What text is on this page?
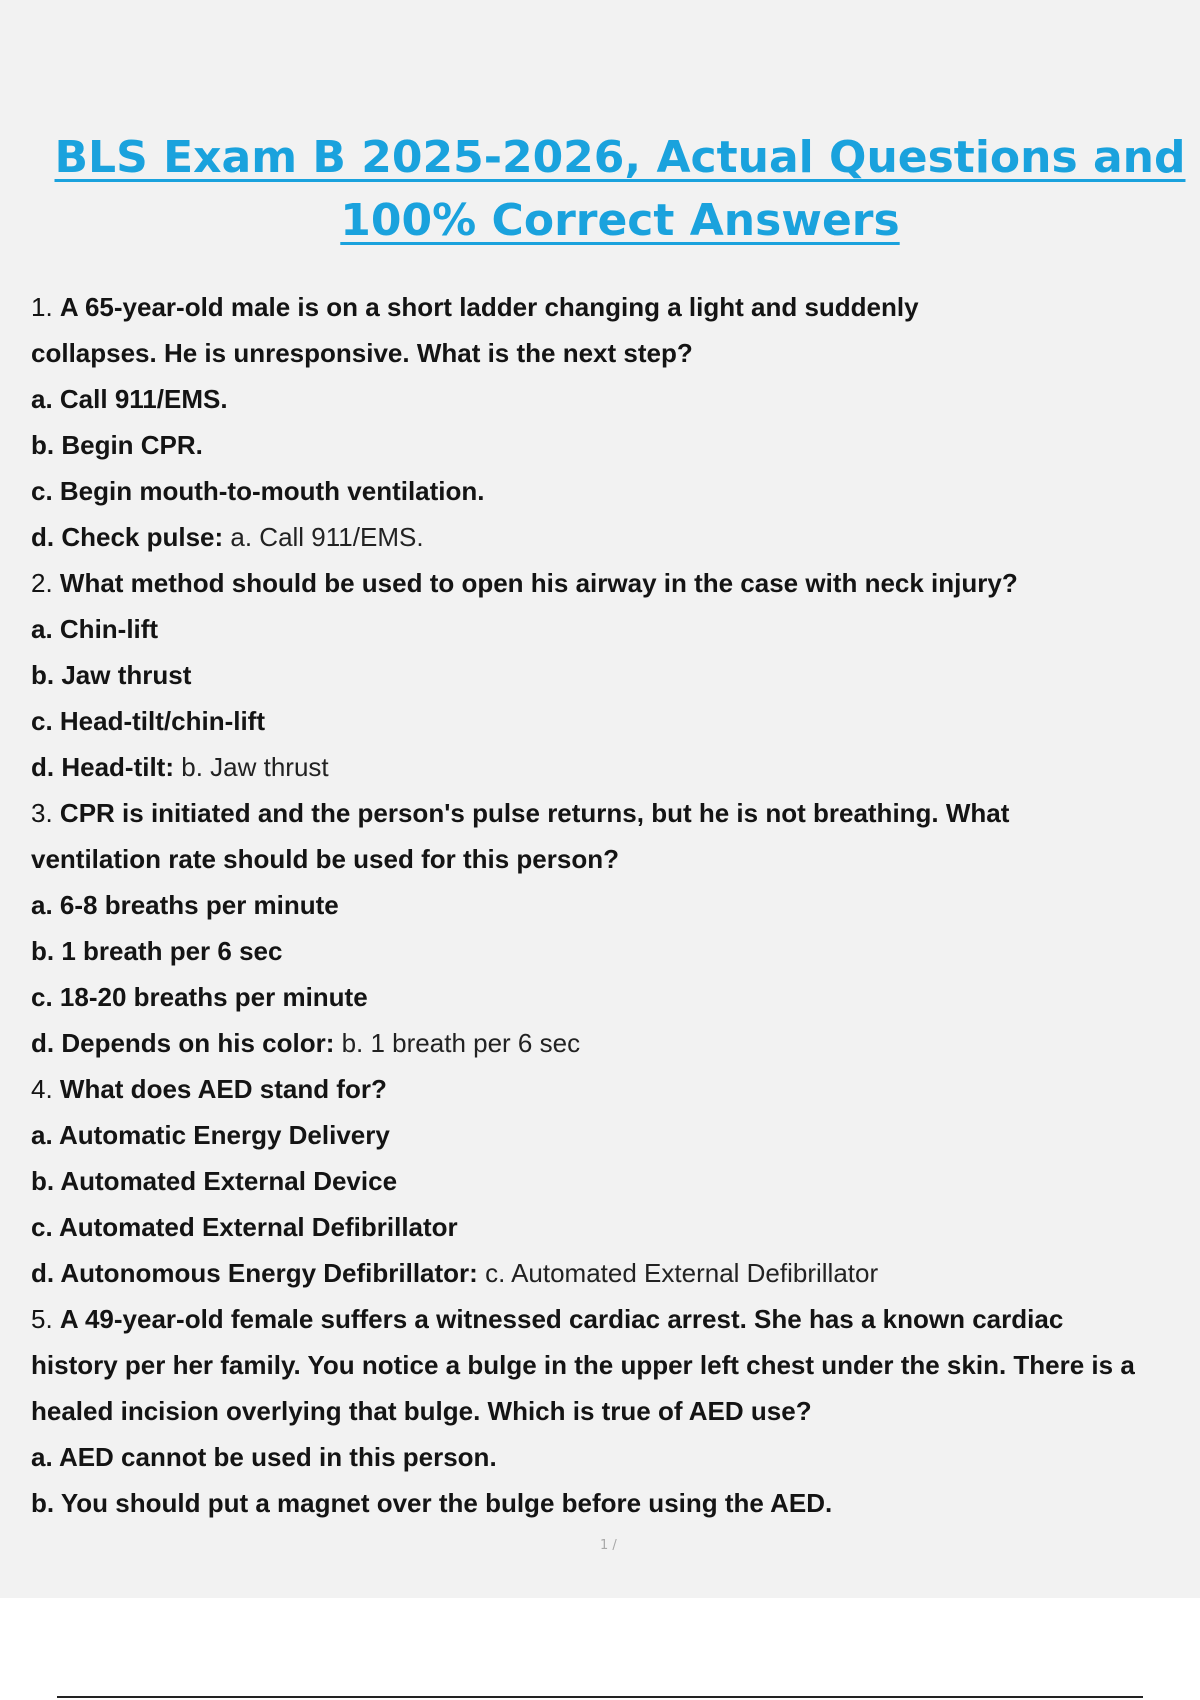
BLS Exam B 2025-2026, Actual Questions and
100% Correct Answers

1. A 65-year-old male is on a short ladder changing a light and suddenly

collapses. He is unresponsive. What is the next step?

a. Call 911/EMS.

b. Begin CPR.

c. Begin mouth-to-mouth ventilation.

d. Check pulse: a. Call 911/EMS.

2. What method should be used to open his airway in the case with neck injury?

a. Chin-lift

b. Jaw thrust

c. Head-tilt/chin-lift

d. Head-tilt: b. Jaw thrust

3. CPR is initiated and the person's pulse returns, but he is not breathing. What

ventilation rate should be used for this person?

a. 6-8 breaths per minute

b. 1 breath per 6 sec

c. 18-20 breaths per minute

d. Depends on his color: b. 1 breath per 6 sec

4. What does AED stand for?

a. Automatic Energy Delivery

b. Automated External Device

c. Automated External Defibrillator

d. Autonomous Energy Defibrillator: c. Automated External Defibrillator

5. A 49-year-old female suffers a witnessed cardiac arrest. She has a known cardiac

history per her family. You notice a bulge in the upper left chest under the skin. There is a

healed incision overlying that bulge. Which is true of AED use?

a. AED cannot be used in this person.

b. You should put a magnet over the bulge before using the AED.

1 /
